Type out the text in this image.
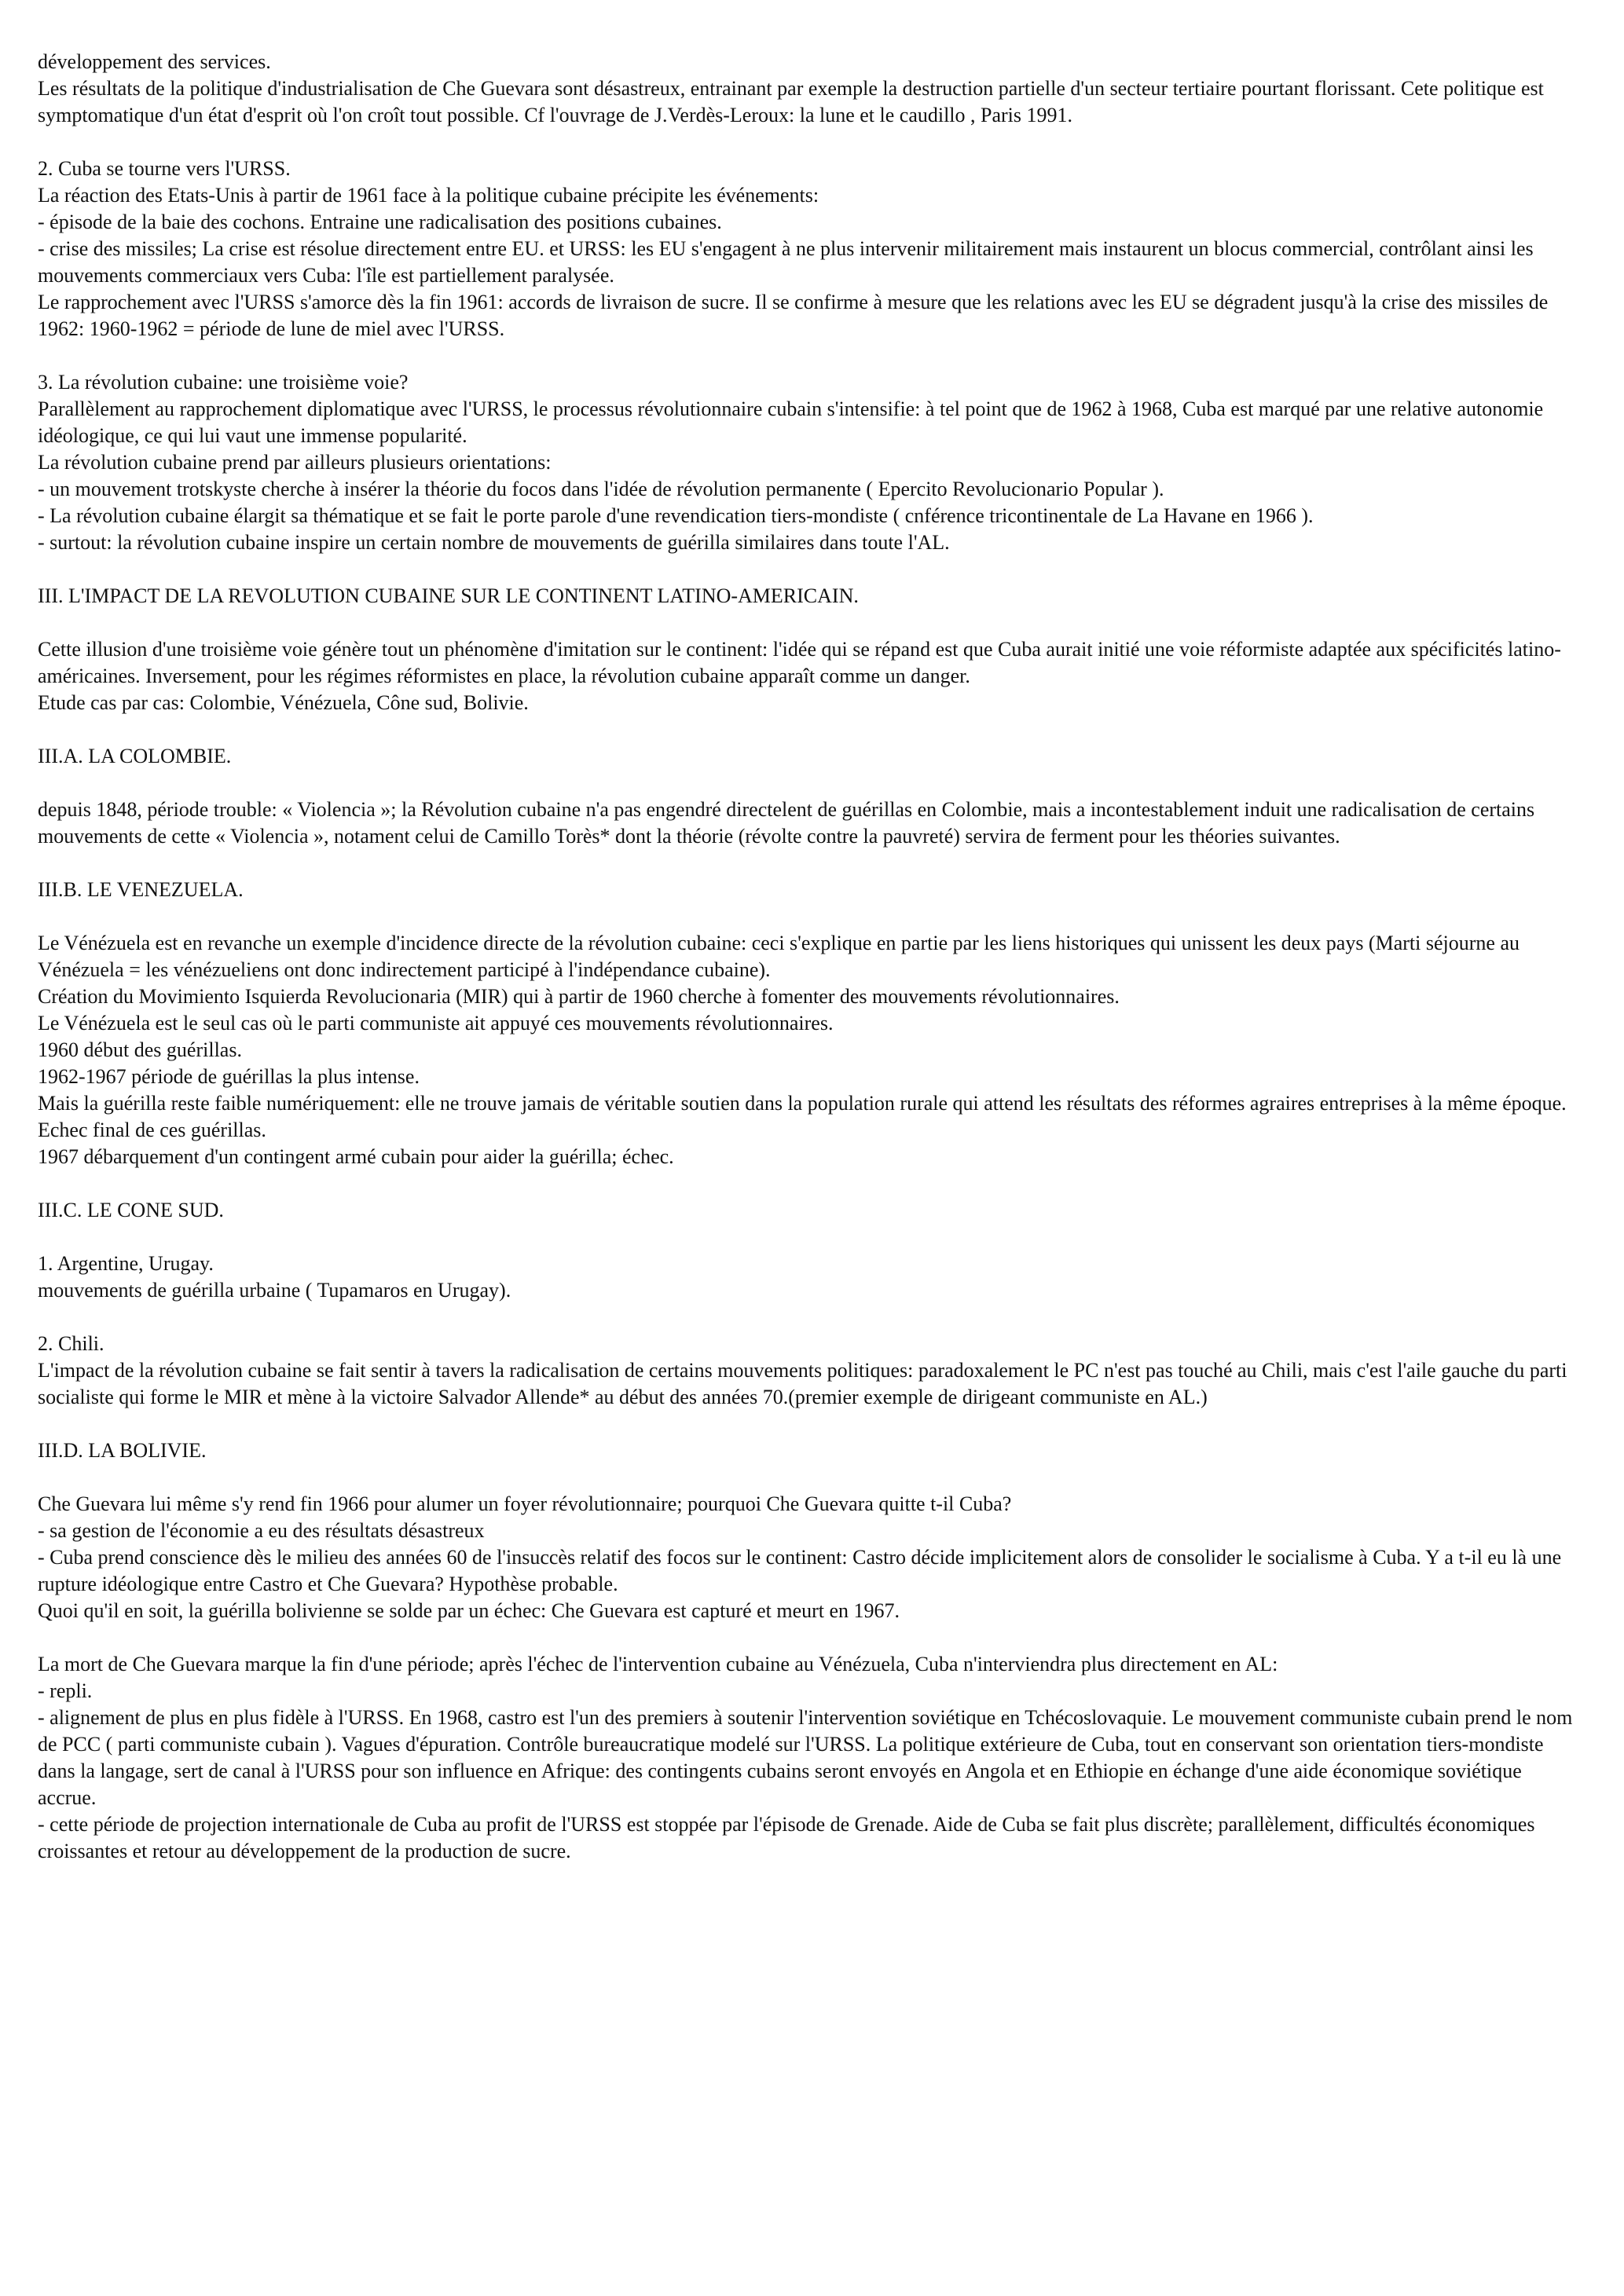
développement des services.
Les résultats de la politique d'industrialisation de Che Guevara sont désastreux, entrainant par exemple la destruction partielle d'un secteur tertiaire pourtant florissant. Cete politique est symptomatique d'un état d'esprit où l'on croît tout possible. Cf l'ouvrage de J.Verdès-Leroux: la lune et le caudillo , Paris 1991.
2. Cuba se tourne vers l'URSS.
La réaction des Etats-Unis à partir de 1961 face à la politique cubaine précipite les événements:
- épisode de la baie des cochons. Entraine une radicalisation des positions cubaines.
- crise des missiles; La crise est résolue directement entre EU. et URSS: les EU s'engagent à ne plus intervenir militairement mais instaurent un blocus commercial, contrôlant ainsi les mouvements commerciaux vers Cuba: l'île est partiellement paralysée.
Le rapprochement avec l'URSS s'amorce dès la fin 1961: accords de livraison de sucre. Il se confirme à mesure que les relations avec les EU se dégradent jusqu'à la crise des missiles de 1962: 1960-1962 = période de lune de miel avec l'URSS.
3. La révolution cubaine: une troisième voie?
Parallèlement au rapprochement diplomatique avec l'URSS, le processus révolutionnaire cubain s'intensifie: à tel point que de 1962 à 1968, Cuba est marqué par une relative autonomie idéologique, ce qui lui vaut une immense popularité.
La révolution cubaine prend par ailleurs plusieurs orientations:
- un mouvement trotskyste cherche à insérer la théorie du focos dans l'idée de révolution permanente ( Epercito Revolucionario Popular ).
- La révolution cubaine élargit sa thématique et se fait le porte parole d'une revendication tiers-mondiste ( cnférence tricontinentale de La Havane en 1966 ).
- surtout: la révolution cubaine inspire un certain nombre de mouvements de guérilla similaires dans toute l'AL.
III. L'IMPACT DE LA REVOLUTION CUBAINE SUR LE CONTINENT LATINO-AMERICAIN.
Cette illusion d'une troisième voie génère tout un phénomène d'imitation sur le continent: l'idée qui se répand est que Cuba aurait initié une voie réformiste adaptée aux spécificités latino-américaines. Inversement, pour les régimes réformistes en place, la révolution cubaine apparaît comme un danger.
Etude cas par cas: Colombie, Vénézuela, Cône sud, Bolivie.
III.A. LA COLOMBIE.
depuis 1848, période trouble: « Violencia »; la Révolution cubaine n'a pas engendré directelent de guérillas en Colombie, mais a incontestablement induit une radicalisation de certains mouvements de cette « Violencia », notament celui de Camillo Torès* dont la théorie (révolte contre la pauvreté) servira de ferment pour les théories suivantes.
III.B. LE VENEZUELA.
Le Vénézuela est en revanche un exemple d'incidence directe de la révolution cubaine: ceci s'explique en partie par les liens historiques qui unissent les deux pays (Marti séjourne au Vénézuela = les vénézueliens ont donc indirectement participé à l'indépendance cubaine).
Création du Movimiento Isquierda Revolucionaria (MIR) qui à partir de 1960 cherche à fomenter des mouvements révolutionnaires.
Le Vénézuela est le seul cas où le parti communiste ait appuyé ces mouvements révolutionnaires.
1960 début des guérillas.
1962-1967 période de guérillas la plus intense.
Mais la guérilla reste faible numériquement: elle ne trouve jamais de véritable soutien dans la population rurale qui attend les résultats des réformes agraires entreprises à la même époque.
Echec final de ces guérillas.
1967 débarquement d'un contingent armé cubain pour aider la guérilla; échec.
III.C. LE CONE SUD.
1. Argentine, Urugay.
mouvements de guérilla urbaine ( Tupamaros en Urugay).
2. Chili.
L'impact de la révolution cubaine se fait sentir à tavers la radicalisation de certains mouvements politiques: paradoxalement le PC n'est pas touché au Chili, mais c'est l'aile gauche du parti socialiste qui forme le MIR et mène à la victoire Salvador Allende* au début des années 70.(premier exemple de dirigeant communiste en AL.)
III.D. LA BOLIVIE.
Che Guevara lui même s'y rend fin 1966 pour alumer un foyer révolutionnaire; pourquoi Che Guevara quitte t-il Cuba?
- sa gestion de l'économie a eu des résultats désastreux
- Cuba prend conscience dès le milieu des années 60 de l'insuccès relatif des focos sur le continent: Castro décide implicitement alors de consolider le socialisme à Cuba. Y a t-il eu là une rupture idéologique entre Castro et Che Guevara? Hypothèse probable.
Quoi qu'il en soit, la guérilla bolivienne se solde par un échec: Che Guevara est capturé et meurt en 1967.
La mort de Che Guevara marque la fin d'une période; après l'échec de l'intervention cubaine au Vénézuela, Cuba n'interviendra plus directement en AL:
- repli.
- alignement de plus en plus fidèle à l'URSS. En 1968, castro est l'un des premiers à soutenir l'intervention soviétique en Tchécoslovaquie. Le mouvement communiste cubain prend le nom de PCC ( parti communiste cubain ). Vagues d'épuration. Contrôle bureaucratique modelé sur l'URSS. La politique extérieure de Cuba, tout en conservant son orientation tiers-mondiste dans la langage, sert de canal à l'URSS pour son influence en Afrique: des contingents cubains seront envoyés en Angola et en Ethiopie en échange d'une aide économique soviétique accrue.
- cette période de projection internationale de Cuba au profit de l'URSS est stoppée par l'épisode de Grenade. Aide de Cuba se fait plus discrète; parallèlement, difficultés économiques croissantes et retour au développement de la production de sucre.
